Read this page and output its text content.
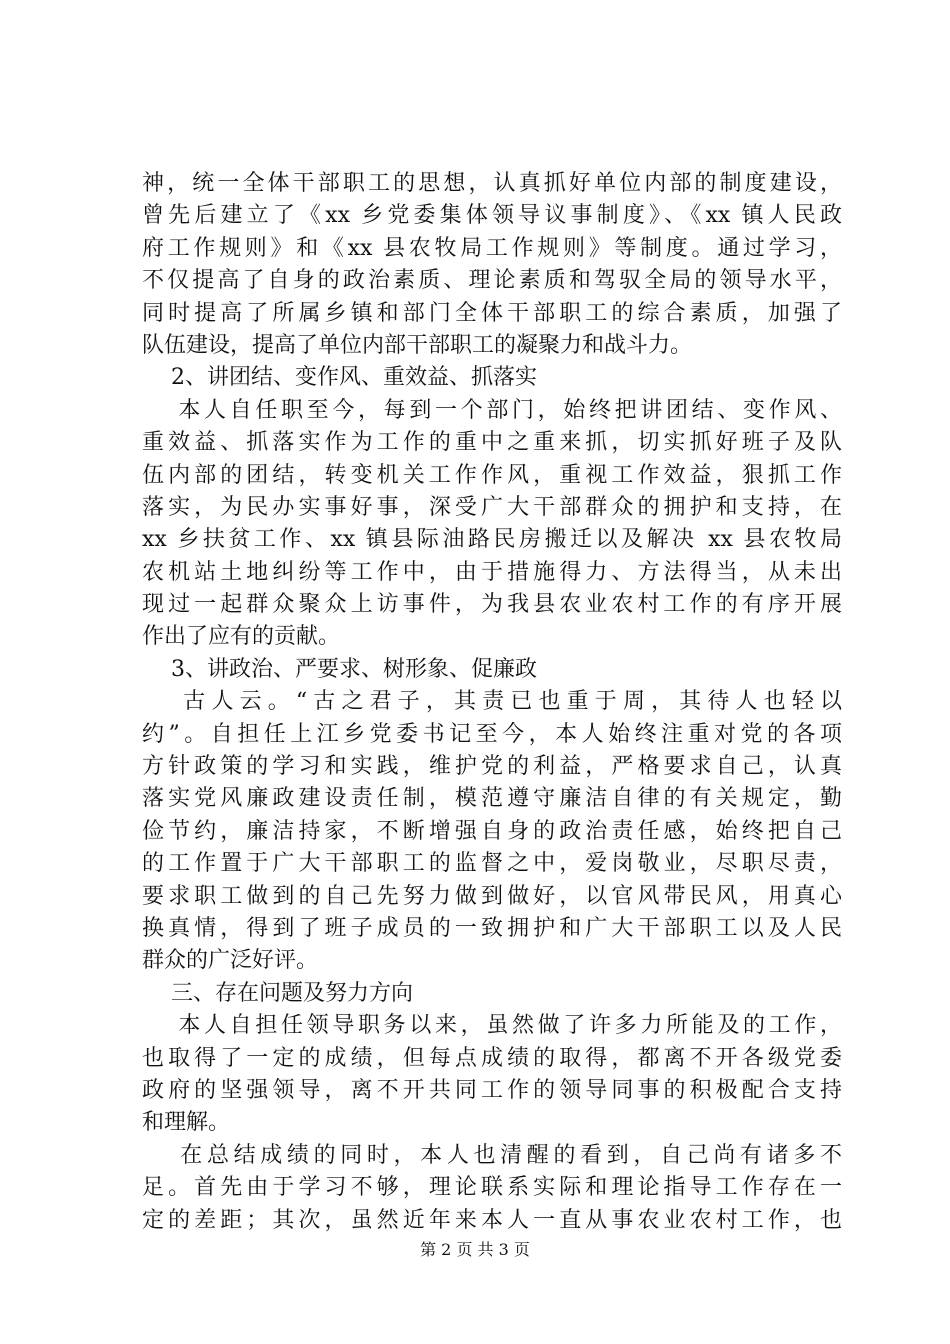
神，统一全体干部职工的思想，认真抓好单位内部的制度建设，
曾先后建立了《xx 乡党委集体领导议事制度》、《xx 镇人民政
府工作规则》和《xx 县农牧局工作规则》等制度。通过学习，
不仅提高了自身的政治素质、理论素质和驾驭全局的领导水平，
同时提高了所属乡镇和部门全体干部职工的综合素质，加强了
队伍建设，提高了单位内部干部职工的凝聚力和战斗力。
　 2、讲团结、变作风、重效益、抓落实
　 本人自任职至今，每到一个部门，始终把讲团结、变作风、
重效益、抓落实作为工作的重中之重来抓，切实抓好班子及队
伍内部的团结，转变机关工作作风，重视工作效益，狠抓工作
落实，为民办实事好事，深受广大干部群众的拥护和支持，在
xx 乡扶贫工作、xx 镇县际油路民房搬迁以及解决 xx 县农牧局
农机站土地纠纷等工作中，由于措施得力、方法得当，从未出
现过一起群众聚众上访事件，为我县农业农村工作的有序开展
作出了应有的贡献。
　 3、讲政治、严要求、树形象、促廉政
　 古人云。“古之君子，其责已也重于周，其待人也轻以
约”。自担任上江乡党委书记至今，本人始终注重对党的各项
方针政策的学习和实践，维护党的利益，严格要求自己，认真
落实党风廉政建设责任制，模范遵守廉洁自律的有关规定，勤
俭节约，廉洁持家，不断增强自身的政治责任感，始终把自己
的工作置于广大干部职工的监督之中，爱岗敬业，尽职尽责，
要求职工做到的自己先努力做到做好，以官风带民风，用真心
换真情，得到了班子成员的一致拥护和广大干部职工以及人民
群众的广泛好评。
　 三、存在问题及努力方向
　 本人自担任领导职务以来，虽然做了许多力所能及的工作，
也取得了一定的成绩，但每点成绩的取得，都离不开各级党委
政府的坚强领导，离不开共同工作的领导同事的积极配合支持
和理解。
　 在总结成绩的同时，本人也清醒的看到，自己尚有诸多不
足。首先由于学习不够，理论联系实际和理论指导工作存在一
定的差距；其次，虽然近年来本人一直从事农业农村工作，也
第 2 页 共 3 页
